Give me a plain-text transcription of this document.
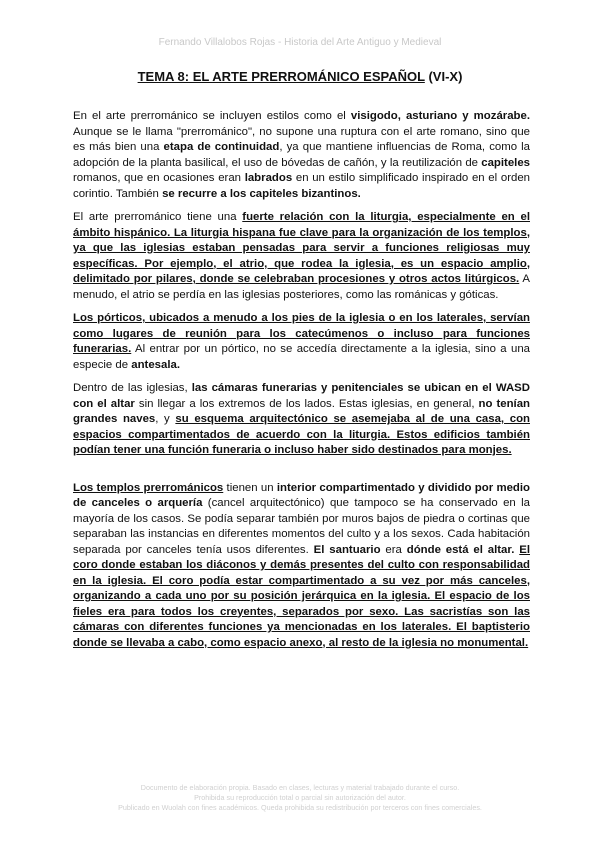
Fernando Villalobos Rojas - Historia del Arte Antiguo y Medieval
TEMA 8: EL ARTE PRERROMÁNICO ESPAÑOL (VI-X)

En el arte prerrománico se incluyen estilos como el visigodo, asturiano y mozárabe. Aunque se le llama "prerrománico", no supone una ruptura con el arte romano, sino que es más bien una etapa de continuidad, ya que mantiene influencias de Roma, como la adopción de la planta basilical, el uso de bóvedas de cañón, y la reutilización de capiteles romanos, que en ocasiones eran labrados en un estilo simplificado inspirado en el orden corintio. También se recurre a los capiteles bizantinos.

El arte prerrománico tiene una fuerte relación con la liturgia, especialmente en el ámbito hispánico. La liturgia hispana fue clave para la organización de los templos, ya que las iglesias estaban pensadas para servir a funciones religiosas muy específicas. Por ejemplo, el atrio, que rodea la iglesia, es un espacio amplio, delimitado por pilares, donde se celebraban procesiones y otros actos litúrgicos. A menudo, el atrio se perdía en las iglesias posteriores, como las románicas y góticas.

Los pórticos, ubicados a menudo a los pies de la iglesia o en los laterales, servían como lugares de reunión para los catecúmenos o incluso para funciones funerarias. Al entrar por un pórtico, no se accedía directamente a la iglesia, sino a una especie de antesala.

Dentro de las iglesias, las cámaras funerarias y penitenciales se ubican en el WASD con el altar sin llegar a los extremos de los lados. Estas iglesias, en general, no tenían grandes naves, y su esquema arquitectónico se asemejaba al de una casa, con espacios compartimentados de acuerdo con la liturgia. Estos edificios también podían tener una función funeraria o incluso haber sido destinados para monjes.

Los templos prerrománicos tienen un interior compartimentado y dividido por medio de canceles o arquería (cancel arquitectónico) que tampoco se ha conservado en la mayoría de los casos. Se podía separar también por muros bajos de piedra o cortinas que separaban las instancias en diferentes momentos del culto y a los sexos. Cada habitación separada por canceles tenía usos diferentes. El santuario era dónde está el altar. El coro donde estaban los diáconos y demás presentes del culto con responsabilidad en la iglesia. El coro podía estar compartimentado a su vez por más canceles, organizando a cada uno por su posición jerárquica en la iglesia. El espacio de los fieles era para todos los creyentes, separados por sexo. Las sacristías son las cámaras con diferentes funciones ya mencionadas en los laterales. El baptisterio donde se llevaba a cabo, como espacio anexo, al resto de la iglesia no monumental.

Documento de elaboración propia. Basado en clases, lecturas y material trabajado durante el curso.
Prohibida su reproducción total o parcial sin autorización del autor.
Publicado en Wuolah con fines académicos. Queda prohibida su redistribución por terceros con fines comerciales.
